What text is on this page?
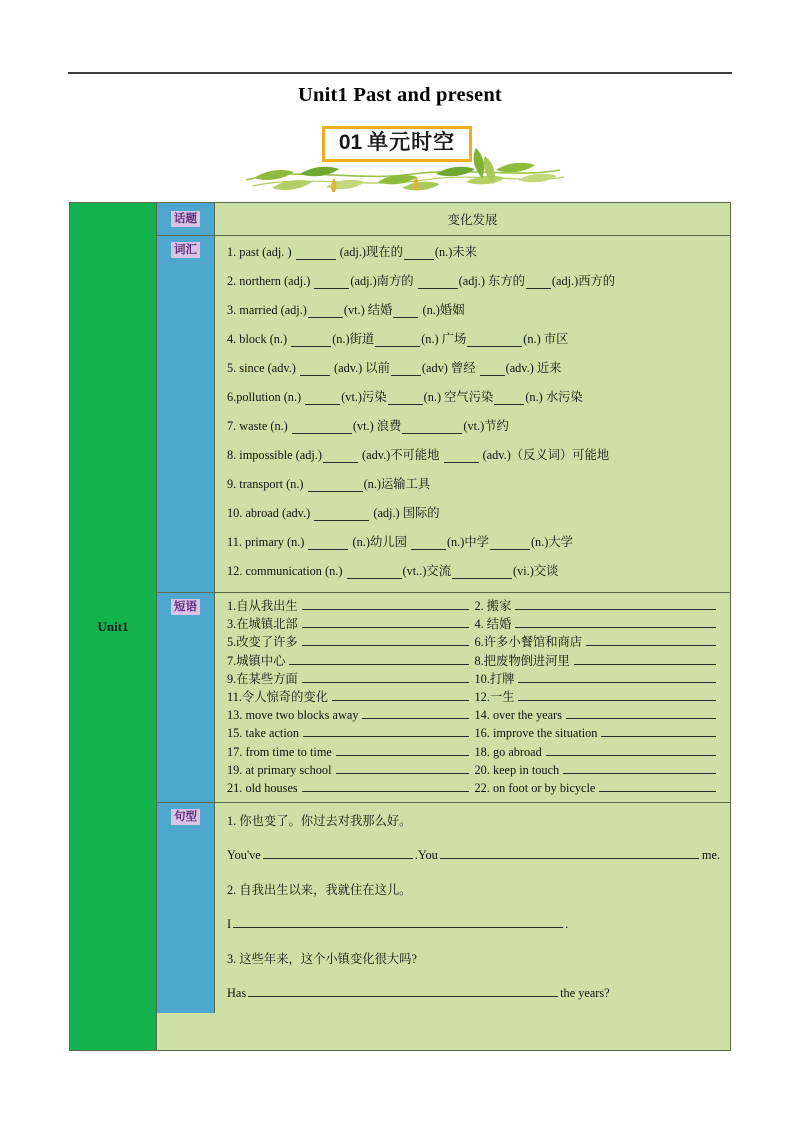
Unit1 Past and present
01 单元时空
Unit1
话题	变化发展
词汇 1. past (adj. )	(adj.)现在的	(n.)未来
2. northern (adj.)	(adj.)南方的	(adj.) 东方的 (adj.)西方的
3. married (adj.)	(vt.) 结婚 (n.)婚姻
4. block (n.)	(n.)街道	(n.) 广场	(n.) 市区
5. since (adv.)	(adv.) 以前	(adv) 曾经 (adv.) 近来
6.pollution (n.)	(vt.)污染	(n.) 空气污染	(n.) 水污染
7. waste (n.)	(vt.) 浪费	(vt.)节约
8. impossible (adj.)	(adv.)不可能地	(adv.)（反义词）可能地
9. transport (n.)	(n.)运输工具
10. abroad (adv.)	(adj.) 国际的
11. primary (n.)	(n.)幼儿园	(n.)中学	(n.)大学
12. communication (n.)	(vt..)交流	(vi.)交谈
短语 1.自从我出生	2. 搬家
3.在城镇北部	4. 结婚
5.改变了许多	6.许多小餐馆和商店
7.城镇中心	8.把废物倒进河里
9.在某些方面	10.打牌
11.令人惊奇的变化	12.一生
13. move two blocks away	14. over the years
15. take action	16. improve the situation
17. from time to time	18. go abroad
19. at primary school	20. keep in touch
21. old houses	22. on foot or by bicycle
句型 1. 你也变了。你过去对我那么好。
You've	.You	me.
2. 自我出生以来，我就住在这儿。
I	.
3. 这些年来，这个小镇变化很大吗?
Has	the years?
